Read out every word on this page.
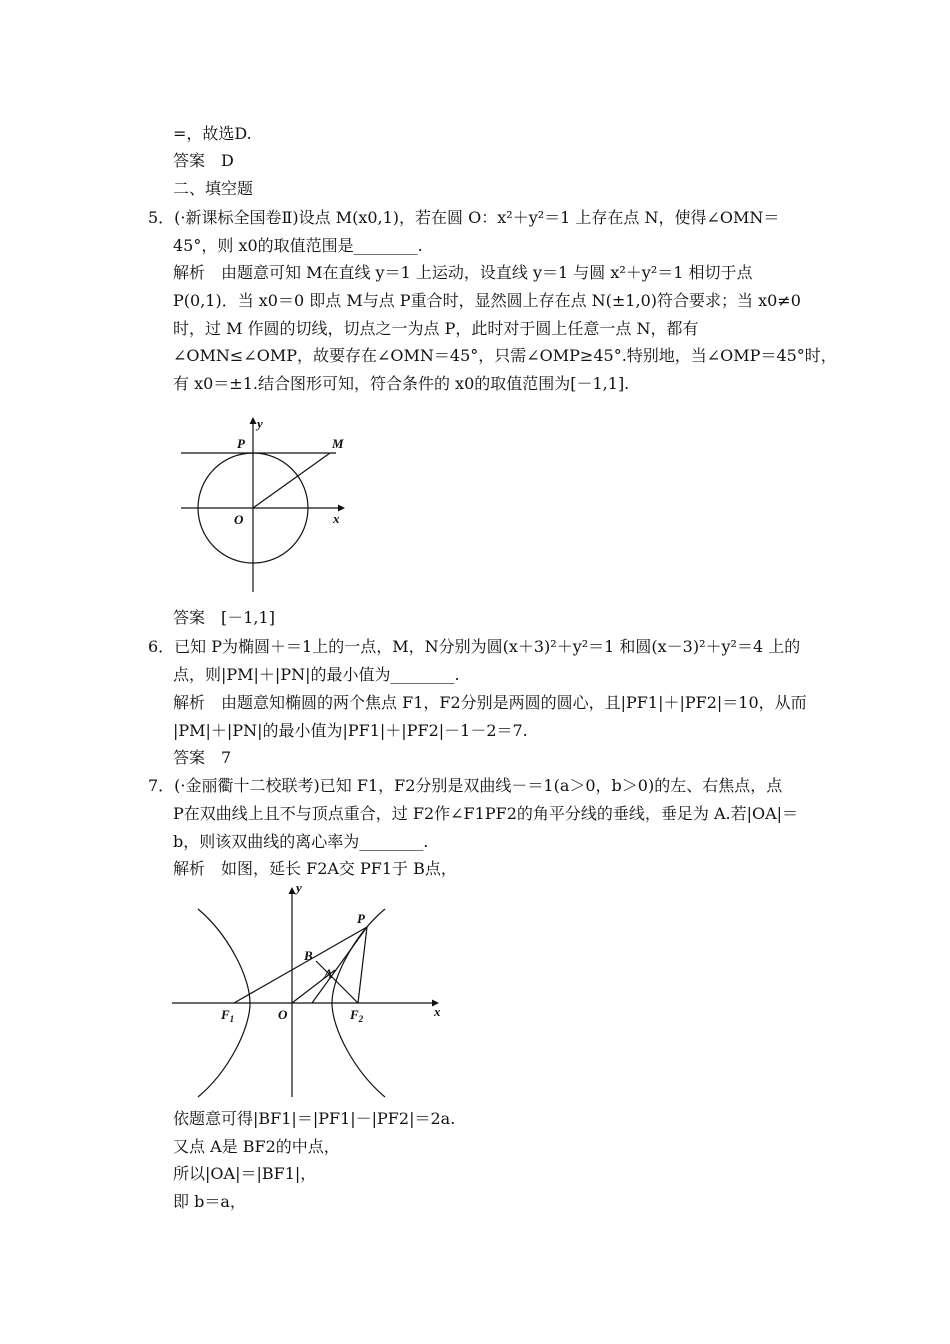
=，故选D.
答案　D
二、填空题
5．(·新课标全国卷Ⅱ)设点 M(x0,1)，若在圆 O：x²＋y²＝1 上存在点 N，使得∠OMN＝
45°，则 x0的取值范围是________.
解析　由题意可知 M在直线 y＝1 上运动，设直线 y＝1 与圆 x²＋y²＝1 相切于点
P(0,1)．当 x0＝0 即点 M与点 P重合时，显然圆上存在点 N(±1,0)符合要求；当 x0≠0
时，过 M 作圆的切线，切点之一为点 P，此时对于圆上任意一点 N，都有
∠OMN≤∠OMP，故要存在∠OMN＝45°，只需∠OMP≥45°.特别地，当∠OMP＝45°时，
有 x0＝±1.结合图形可知，符合条件的 x0的取值范围为[－1,1].
y
P	M
O	x
答案　[－1,1]
6．已知 P为椭圆＋＝1上的一点，M，N分别为圆(x＋3)²＋y²＝1 和圆(x－3)²＋y²＝4 上的
点，则|PM|＋|PN|的最小值为________.
解析　由题意知椭圆的两个焦点 F1，F2分别是两圆的圆心，且|PF1|＋|PF2|＝10，从而
|PM|＋|PN|的最小值为|PF1|＋|PF2|－1－2＝7.
答案　7
7．(·金丽衢十二校联考)已知 F1，F2分别是双曲线－＝1(a＞0，b＞0)的左、右焦点，点
P在双曲线上且不与顶点重合，过 F2作∠F1PF2的角平分线的垂线，垂足为 A.若|OA|＝
b，则该双曲线的离心率为________.
解析　如图，延长 F2A交 PF1于 B点，
y
P
B
A
$F_1$	O	$F_2$	x
依题意可得|BF1|＝|PF1|－|PF2|＝2a.
又点 A是 BF2的中点，
所以|OA|＝|BF1|，
即 b＝a，
